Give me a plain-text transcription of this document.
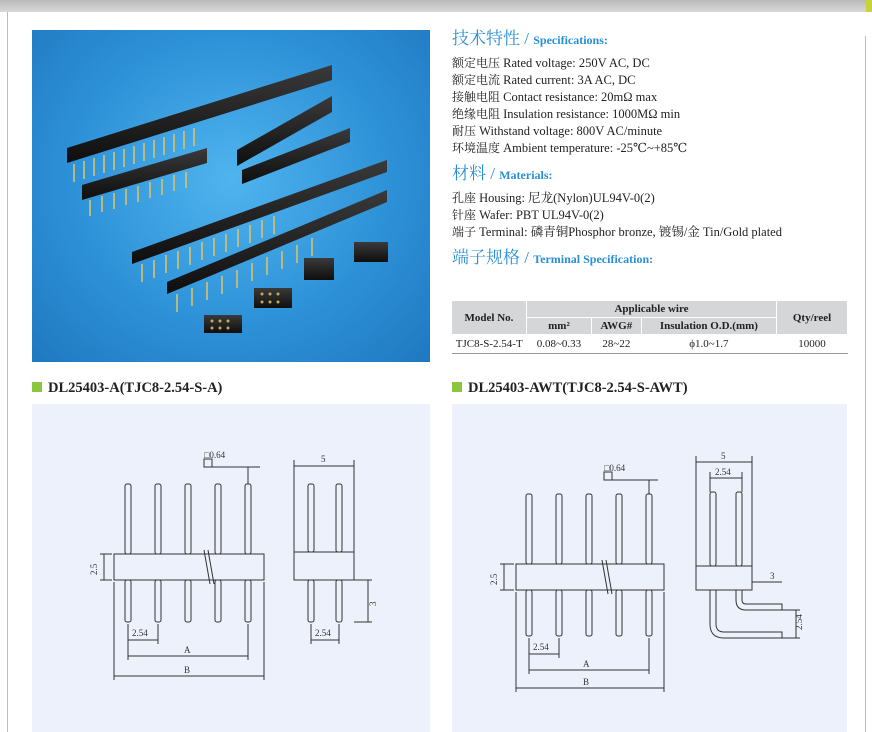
技术特性 / Specifications:
额定电压 Rated voltage: 250V AC, DC
额定电流 Rated current: 3A AC, DC
接触电阻 Contact resistance: 20mΩ max
绝缘电阻 Insulation resistance: 1000MΩ min
耐压 Withstand voltage: 800V AC/minute
环境温度 Ambient temperature: -25℃~+85℃
材料 / Materials:
孔座 Housing: 尼龙(Nylon)UL94V-0(2)
针座 Wafer: PBT UL94V-0(2)
端子 Terminal: 磷青铜Phosphor bronze, 镀锡/金 Tin/Gold plated
端子规格 / Terminal Specification:
Model No.	Applicable wire			Qty/reel
	mm²	AWG#	Insulation O.D.(mm)	
TJC8-S-2.54-T	0.08~0.33	28~22	ϕ1.0~1.7	10000
DL25403-A(TJC8-2.54-S-A)
□0.64	5
2.5
3
2.54	2.54
A
B
DL25403-AWT(TJC8-2.54-S-AWT)
□0.64
5
2.54
2.5	3
2.54
2.54
A
B
